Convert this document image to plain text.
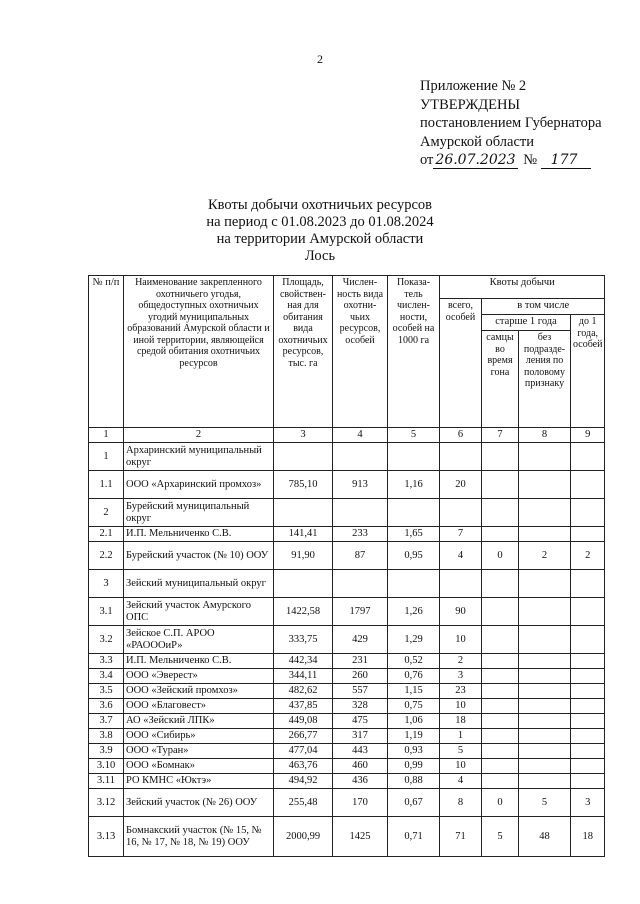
2
Приложение № 2
УТВЕРЖДЕНЫ
постановлением Губернатора
Амурской области
от 26.07.2023 № 177
Квоты добычи охотничьих ресурсов
на период с 01.08.2023 до 01.08.2024
на территории Амурской области
Лось
№ п/п	Наименование закрепленного охотничьего угодья, общедоступных охотничьих угодий муниципальных образований Амурской области и иной территории, являющейся средой обитания охотничьих ресурсов	Площадь, свойствен-ная для обитания вида охотничьих ресурсов, тыс. га	Числен-ность вида охотни-чьих ресурсов, особей	Показа-тель числен-ности, особей на 1000 га	Квоты добычи			
					всего, особей	в том числе		
						старше 1 года		до 1 года, особей
						самцы во время гона	без подразде-ления по половому признаку	
1	2	3	4	5	6	7	8	9
1	Архаринский муниципальный округ							
1.1	ООО «Архаринский промхоз»	785,10	913	1,16	20			
2	Бурейский муниципальный округ							
2.1	И.П. Мельниченко С.В.	141,41	233	1,65	7			
2.2	Бурейский участок (№ 10) ООУ	91,90	87	0,95	4	0	2	2
3	Зейский муниципальный округ							
3.1	Зейский участок Амурского ОПС	1422,58	1797	1,26	90			
3.2	Зейское С.П. АРОО «РАОООиР»	333,75	429	1,29	10			
3.3	И.П. Мельниченко С.В.	442,34	231	0,52	2			
3.4	ООО «Эверест»	344,11	260	0,76	3			
3.5	ООО «Зейский промхоз»	482,62	557	1,15	23			
3.6	ООО «Благовест»	437,85	328	0,75	10			
3.7	АО «Зейский ЛПК»	449,08	475	1,06	18			
3.8	ООО «Сибирь»	266,77	317	1,19	1			
3.9	ООО «Туран»	477,04	443	0,93	5			
3.10	ООО «Бомнак»	463,76	460	0,99	10			
3.11	РО КМНС «Юктэ»	494,92	436	0,88	4			
3.12	Зейский участок (№ 26) ООУ	255,48	170	0,67	8	0	5	3
3.13	Бомнакский участок (№ 15, № 16, № 17, № 18, № 19) ООУ	2000,99	1425	0,71	71	5	48	18
